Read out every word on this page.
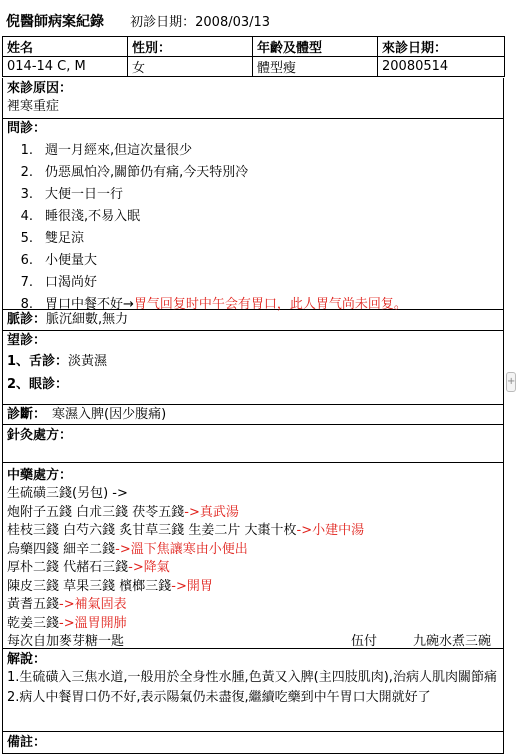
倪醫師病案紀錄 初診日期：2008/03/13
姓名	性別：	年齡及體型	來診日期：
014-14 C, M	女	體型瘦	20080514
來診原因：
裡寒重症
問診：
1. 週一月經來,但這次量很少
2. 仍惡風怕冷,關節仍有痛,今天特別冷
3. 大便一日一行
4. 睡很淺,不易入眠
5. 雙足涼
6. 小便量大
7. 口渴尚好
8. 胃口中餐不好→胃气回复时中午会有胃口，此人胃气尚未回复。
脈診：脈沉細數,無力
望診：
1、舌診：淡黃濕
2、眼診：
診斷： 寒濕入脾(因少腹痛)
針灸處方：
中藥處方：
生硫磺三錢(另包) ->
炮附子五錢 白朮三錢 茯苓五錢->真武湯
桂枝三錢 白芍六錢 炙甘草三錢 生姜二片 大棗十枚->小建中湯
烏藥四錢 細辛二錢->溫下焦讓寒由小便出
厚朴二錢 代赭石三錢->降氣
陳皮三錢 草果三錢 檳榔三錢->開胃
黃耆五錢->補氣固表
乾姜三錢->溫胃開肺
每次自加麥芽糖一匙	伍付	九碗水煮三碗
解說：
1.生硫磺入三焦水道,一般用於全身性水腫,色黃又入脾(主四肢肌肉),治病人肌肉關節痛
2.病人中餐胃口仍不好,表示陽氣仍未盡復,繼續吃藥到中午胃口大開就好了
備註：
+
